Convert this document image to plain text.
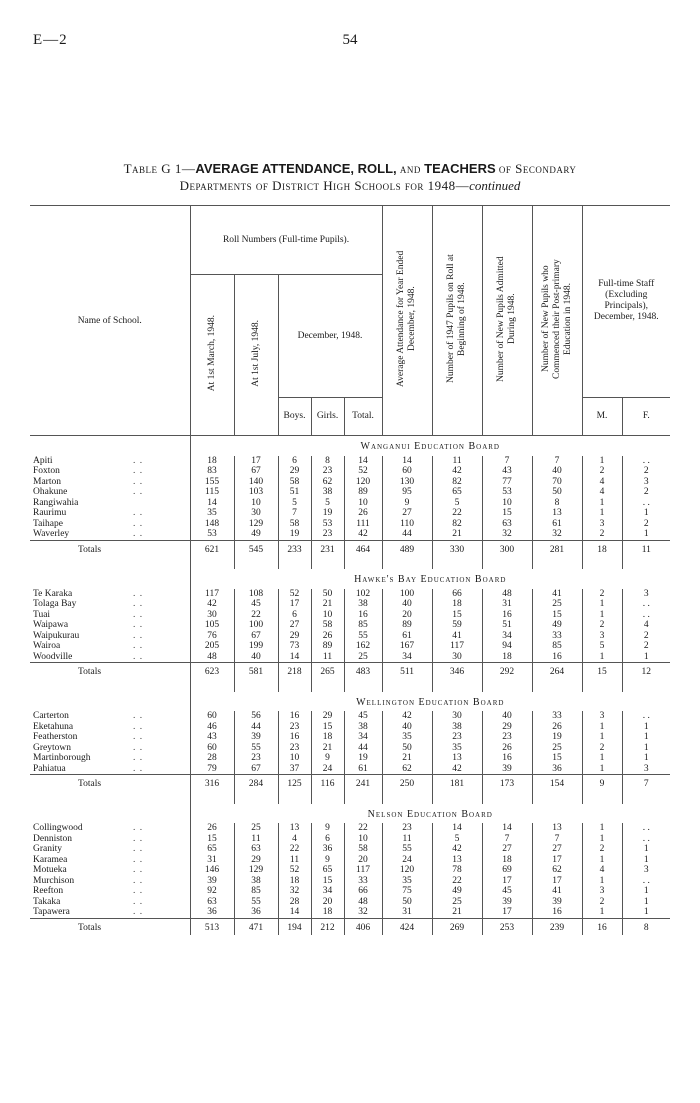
E—2	54
Table G 1—AVERAGE ATTENDANCE, ROLL, and TEACHERS of Secondary
Departments of District High Schools for 1948—continued
Name of School.		Roll Numbers (Full-time Pupils).					Average Attendance for Year Ended December, 1948.	Number of 1947 Pupils on Roll at Beginning of 1948.	Number of New Pupils Admitted During 1948.	Number of New Pupils who Commenced their Post-primary Education in 1948.	Full-time Staff (Excluding Principals), December, 1948.	
		At 1st March, 1948.	At 1st July, 1948.	December, 1948.								
				Boys.	Girls.	Total.					M.	F.
		Wanganui Education Board										
Apiti	. .	18	17	6	8	14	14	11	7	7	1	. .
Foxton	. .	83	67	29	23	52	60	42	43	40	2	2
Marton	. .	155	140	58	62	120	130	82	77	70	4	3
Ohakune	. .	115	103	51	38	89	95	65	53	50	4	2
Rangiwahia		14	10	5	5	10	9	5	10	8	1	. .
Raurimu	. .	35	30	7	19	26	27	22	15	13	1	1
Taihape	. .	148	129	58	53	111	110	82	63	61	3	2
Waverley	. .	53	49	19	23	42	44	21	32	32	2	1
Totals		621	545	233	231	464	489	330	300	281	18	11

		Hawke's Bay Education Board										
Te Karaka	. .	117	108	52	50	102	100	66	48	41	2	3
Tolaga Bay	. .	42	45	17	21	38	40	18	31	25	1	. .
Tuai	. .	30	22	6	10	16	20	15	16	15	1	. .
Waipawa	. .	105	100	27	58	85	89	59	51	49	2	4
Waipukurau	. .	76	67	29	26	55	61	41	34	33	3	2
Wairoa	. .	205	199	73	89	162	167	117	94	85	5	2
Woodville	. .	48	40	14	11	25	34	30	18	16	1	1
Totals		623	581	218	265	483	511	346	292	264	15	12

		Wellington Education Board										
Carterton	. .	60	56	16	29	45	42	30	40	33	3	. .
Eketahuna	. .	46	44	23	15	38	40	38	29	26	1	1
Featherston	. .	43	39	16	18	34	35	23	23	19	1	1
Greytown	. .	60	55	23	21	44	50	35	26	25	2	1
Martinborough	. .	28	23	10	9	19	21	13	16	15	1	1
Pahiatua	. .	79	67	37	24	61	62	42	39	36	1	3
Totals		316	284	125	116	241	250	181	173	154	9	7

		Nelson Education Board										
Collingwood	. .	26	25	13	9	22	23	14	14	13	1	. .
Denniston	. .	15	11	4	6	10	11	5	7	7	1	. .
Granity	. .	65	63	22	36	58	55	42	27	27	2	1
Karamea	. .	31	29	11	9	20	24	13	18	17	1	1
Motueka	. .	146	129	52	65	117	120	78	69	62	4	3
Murchison	. .	39	38	18	15	33	35	22	17	17	1	. .
Reefton	. .	92	85	32	34	66	75	49	45	41	3	1
Takaka	. .	63	55	28	20	48	50	25	39	39	2	1
Tapawera	. .	36	36	14	18	32	31	21	17	16	1	1
Totals		513	471	194	212	406	424	269	253	239	16	8
